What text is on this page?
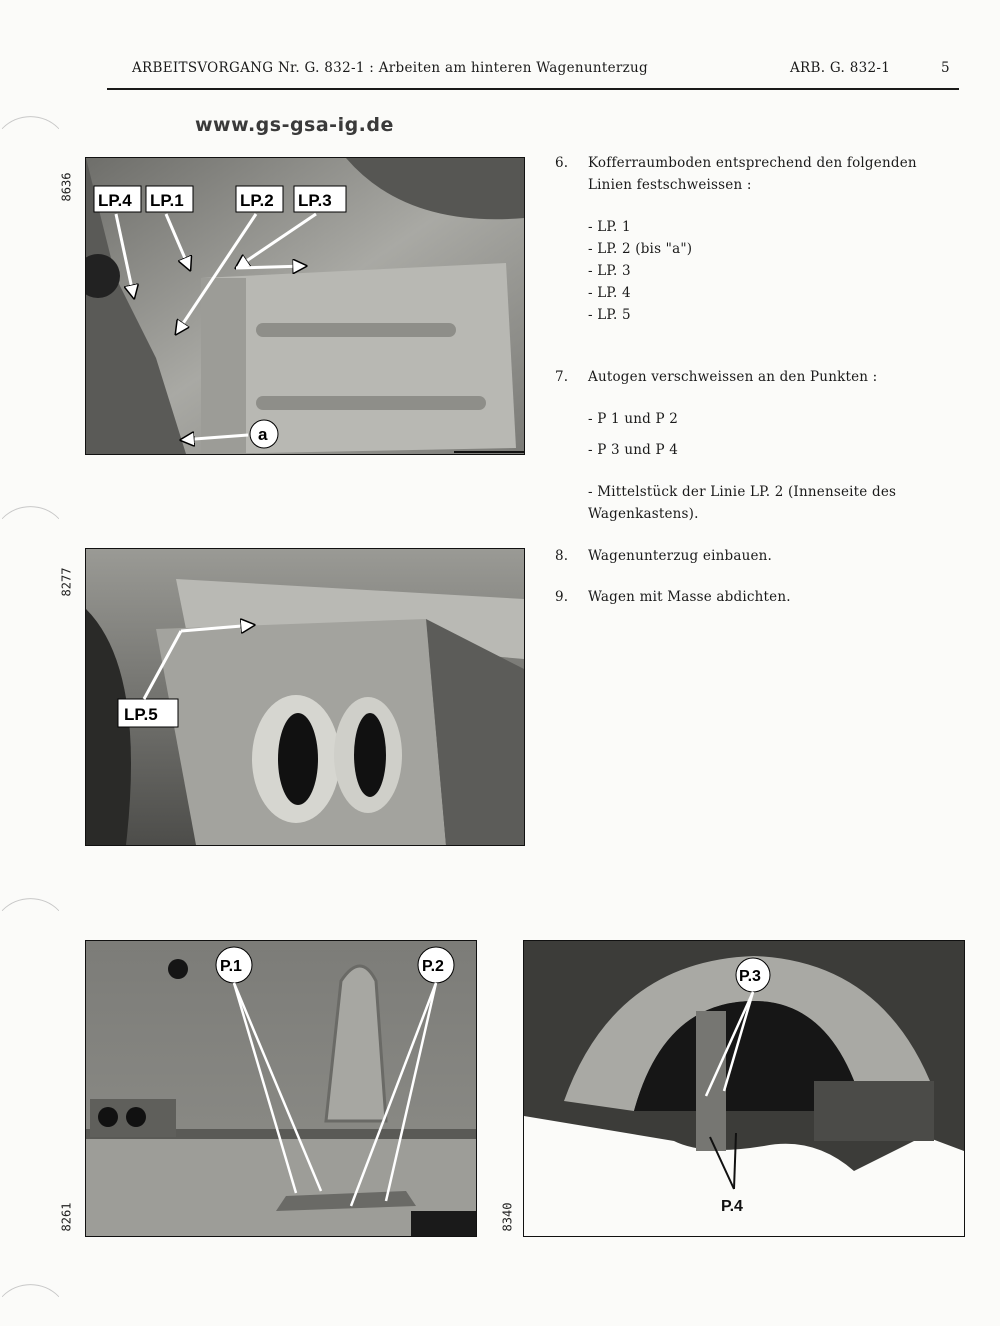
ARBEITSVORGANG Nr. G. 832-1 : Arbeiten am hinteren Wagenunterzug	ARB. G. 832-1	5
www.gs-gsa-ig.de
8636 LP.4 LP.1	LP.2 LP.3
a
8277
LP.5
8261
P.1	P.2
8340
P.3
P.4
6. Kofferraumboden entsprechend den folgenden Linien festschweissen :
- LP. 1
- LP. 2 (bis "a")
- LP. 3
- LP. 4
- LP. 5
7. Autogen verschweissen an den Punkten :
- P 1 und P 2
- P 3 und P 4
- Mittelstück der Linie LP. 2 (Innenseite des Wagenkastens).
8. Wagenunterzug einbauen.
9. Wagen mit Masse abdichten.
